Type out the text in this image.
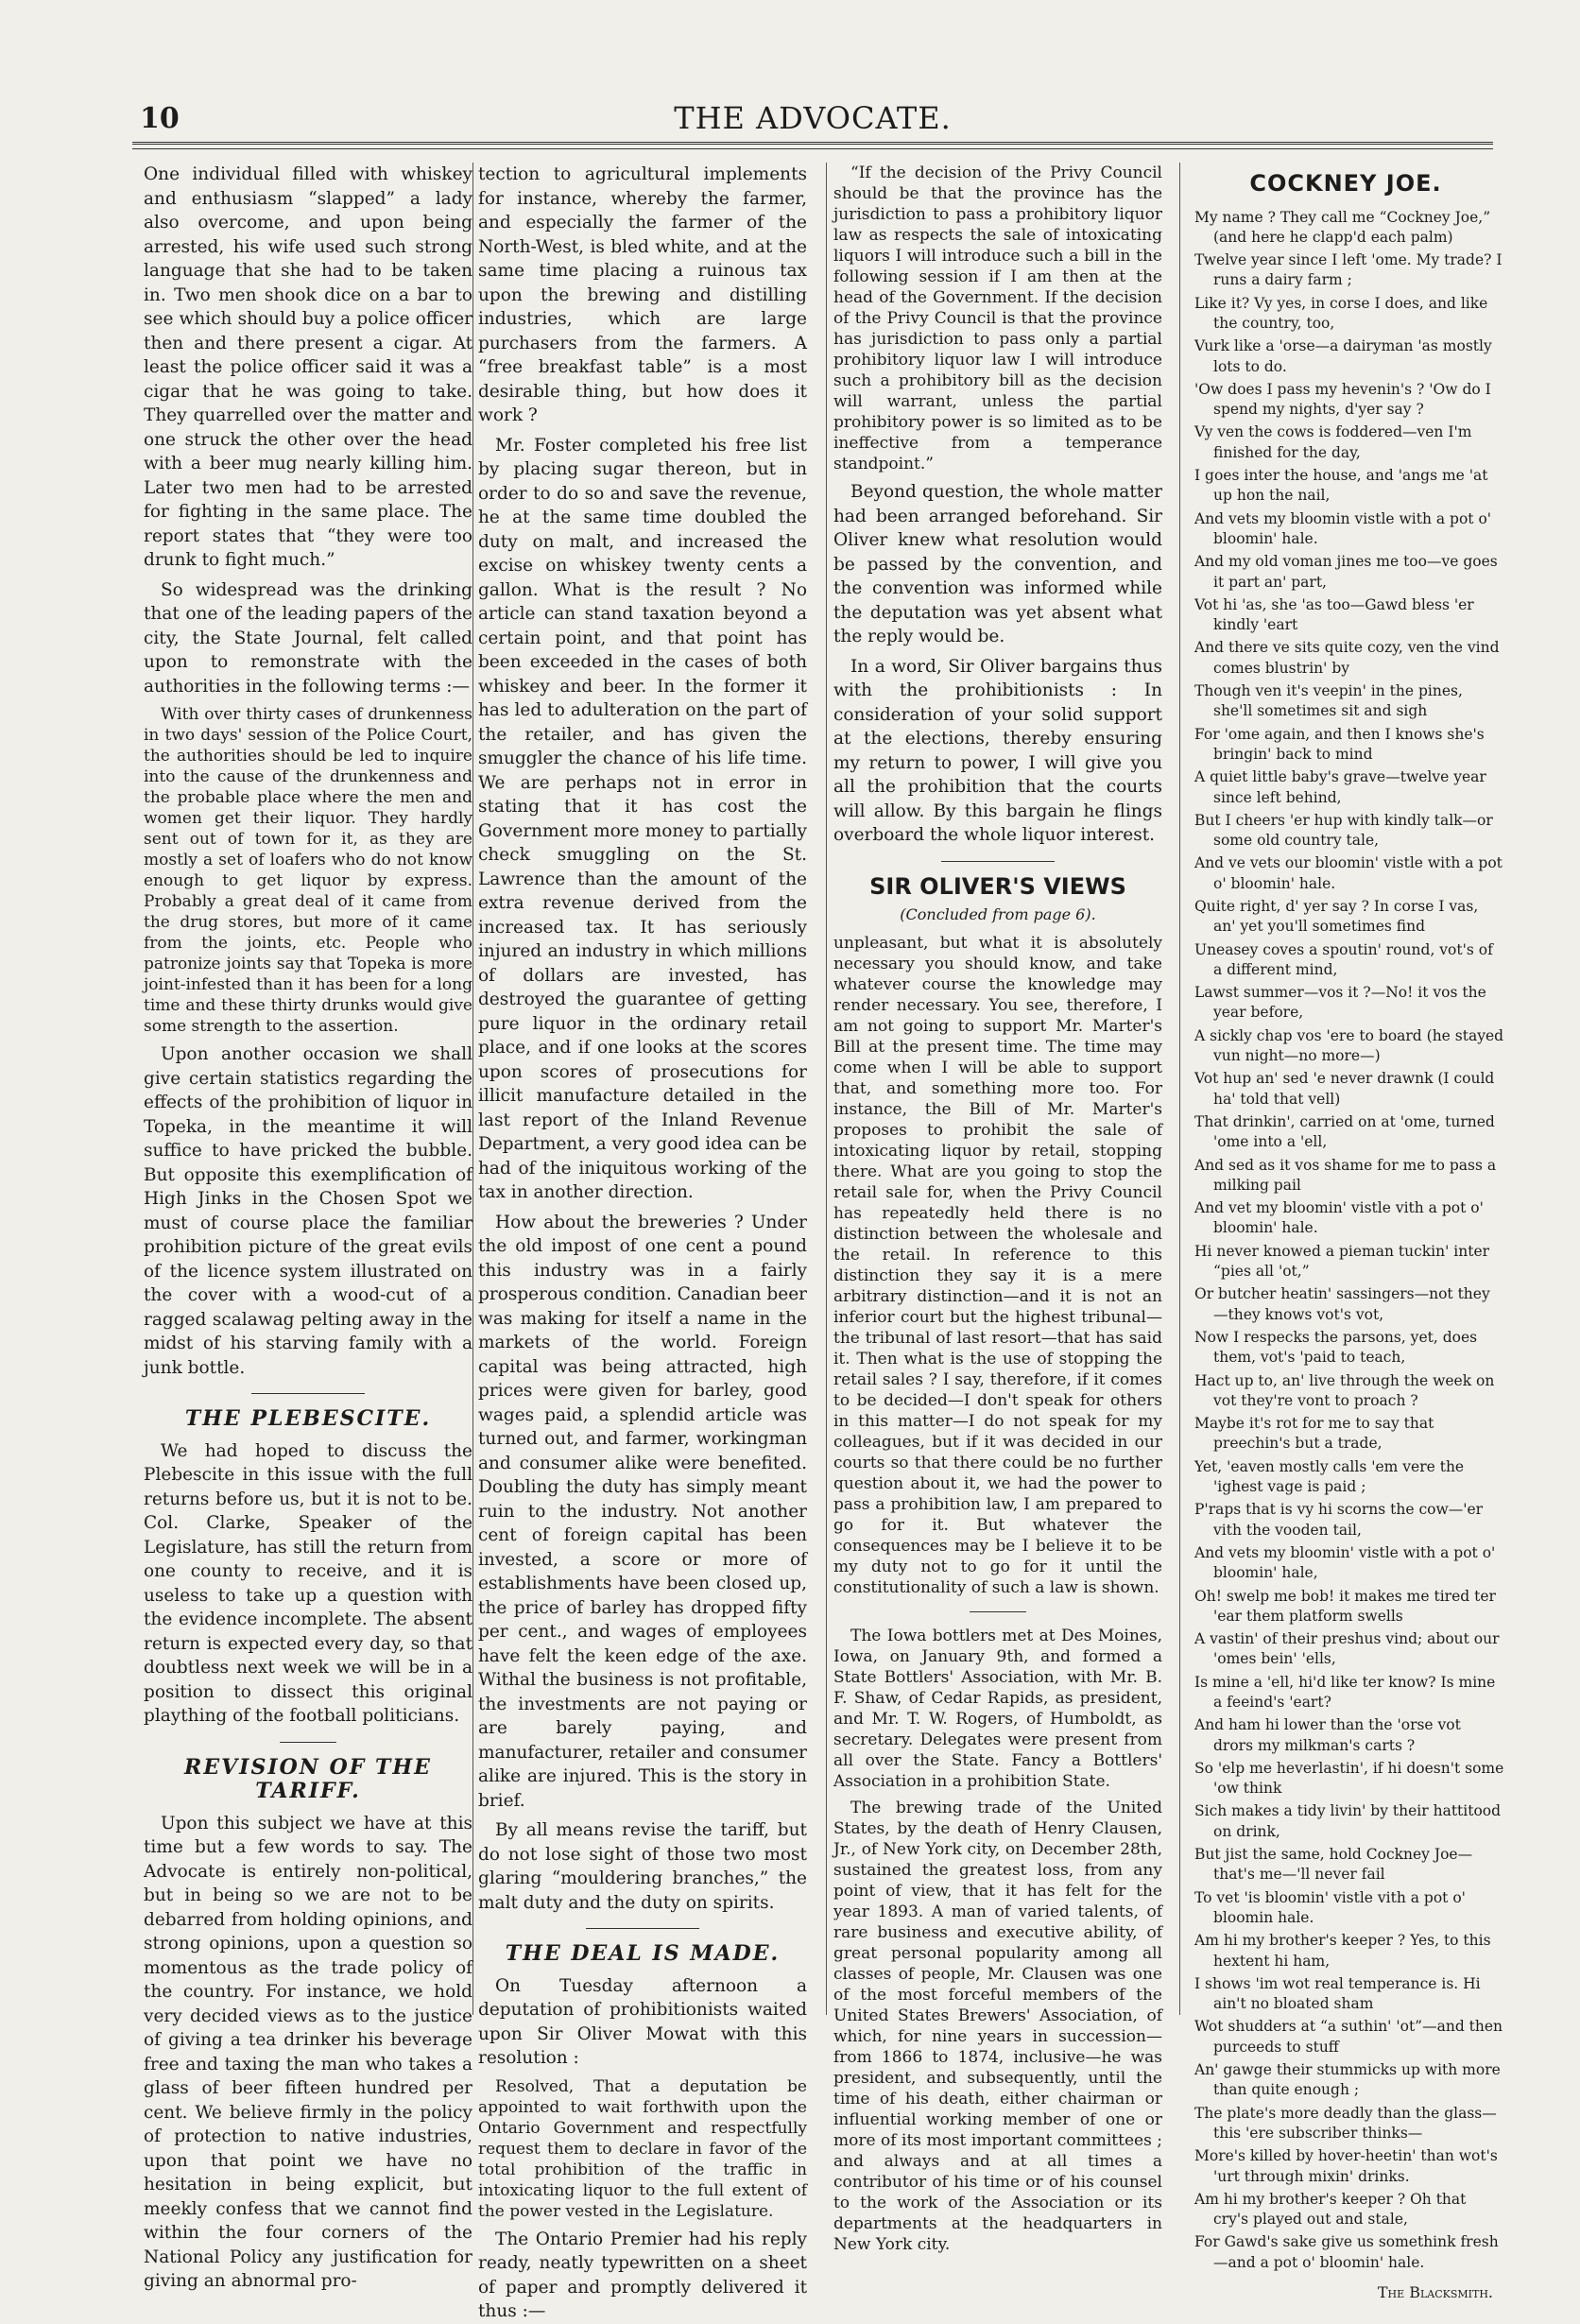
10	THE ADVOCATE.

One individual filled with whiskey and enthusiasm “slapped” a lady also overcome, and upon being arrested, his wife used such strong language that she had to be taken in. Two men shook dice on a bar to see which should buy a police officer then and there present a cigar. At least the police officer said it was a cigar that he was going to take. They quarrelled over the matter and one struck the other over the head with a beer mug nearly killing him. Later two men had to be arrested for fighting in the same place. The report states that “they were too drunk to fight much.”

So widespread was the drinking that one of the leading papers of the city, the State Journal, felt called upon to remonstrate with the authorities in the following terms :—

With over thirty cases of drunkenness in two days' session of the Police Court, the authorities should be led to inquire into the cause of the drunkenness and the probable place where the men and women get their liquor. They hardly sent out of town for it, as they are mostly a set of loafers who do not know enough to get liquor by express. Probably a great deal of it came from the drug stores, but more of it came from the joints, etc. People who patronize joints say that Topeka is more joint-infested than it has been for a long time and these thirty drunks would give some strength to the assertion.

Upon another occasion we shall give certain statistics regarding the effects of the prohibition of liquor in Topeka, in the meantime it will suffice to have pricked the bubble. But opposite this exemplification of High Jinks in the Chosen Spot we must of course place the familiar prohibition picture of the great evils of the licence system illustrated on the cover with a wood-cut of a ragged scalawag pelting away in the midst of his starving family with a junk bottle.

THE PLEBESCITE.

We had hoped to discuss the Plebescite in this issue with the full returns before us, but it is not to be. Col. Clarke, Speaker of the Legislature, has still the return from one county to receive, and it is useless to take up a question with the evidence incomplete. The absent return is expected every day, so that doubtless next week we will be in a position to dissect this original plaything of the football politicians.

REVISION OF THE TARIFF.

Upon this subject we have at this time but a few words to say. The Advocate is entirely non-political, but in being so we are not to be debarred from holding opinions, and strong opinions, upon a question so momentous as the trade policy of the country. For instance, we hold very decided views as to the justice of giving a tea drinker his beverage free and taxing the man who takes a glass of beer fifteen hundred per cent. We believe firmly in the policy of protection to native industries, upon that point we have no hesitation in being explicit, but meekly confess that we cannot find within the four corners of the National Policy any justification for giving an abnormal pro-

tection to agricultural implements for instance, whereby the farmer, and especially the farmer of the North-West, is bled white, and at the same time placing a ruinous tax upon the brewing and distilling industries, which are large purchasers from the farmers. A “free breakfast table” is a most desirable thing, but how does it work ?

Mr. Foster completed his free list by placing sugar thereon, but in order to do so and save the revenue, he at the same time doubled the duty on malt, and increased the excise on whiskey twenty cents a gallon. What is the result ? No article can stand taxation beyond a certain point, and that point has been exceeded in the cases of both whiskey and beer. In the former it has led to adulteration on the part of the retailer, and has given the smuggler the chance of his life time. We are perhaps not in error in stating that it has cost the Government more money to partially check smuggling on the St. Lawrence than the amount of the extra revenue derived from the increased tax. It has seriously injured an industry in which millions of dollars are invested, has destroyed the guarantee of getting pure liquor in the ordinary retail place, and if one looks at the scores upon scores of prosecutions for illicit manufacture detailed in the last report of the Inland Revenue Department, a very good idea can be had of the iniquitous working of the tax in another direction.

How about the breweries ? Under the old impost of one cent a pound this industry was in a fairly prosperous condition. Canadian beer was making for itself a name in the markets of the world. Foreign capital was being attracted, high prices were given for barley, good wages paid, a splendid article was turned out, and farmer, workingman and consumer alike were benefited. Doubling the duty has simply meant ruin to the industry. Not another cent of foreign capital has been invested, a score or more of establishments have been closed up, the price of barley has dropped fifty per cent., and wages of employees have felt the keen edge of the axe. Withal the business is not profitable, the investments are not paying or are barely paying, and manufacturer, retailer and consumer alike are injured. This is the story in brief.

By all means revise the tariff, but do not lose sight of those two most glaring “mouldering branches,” the malt duty and the duty on spirits.

THE DEAL IS MADE.

On Tuesday afternoon a deputation of prohibitionists waited upon Sir Oliver Mowat with this resolution :

Resolved, That a deputation be appointed to wait forthwith upon the Ontario Government and respectfully request them to declare in favor of the total prohibition of the traffic in intoxicating liquor to the full extent of the power vested in the Legislature.

The Ontario Premier had his reply ready, neatly typewritten on a sheet of paper and promptly delivered it thus :—

“If the decision of the Privy Council should be that the province has the jurisdiction to pass a prohibitory liquor law as respects the sale of intoxicating liquors I will introduce such a bill in the following session if I am then at the head of the Government. If the decision of the Privy Council is that the province has jurisdiction to pass only a partial prohibitory liquor law I will introduce such a prohibitory bill as the decision will warrant, unless the partial prohibitory power is so limited as to be ineffective from a temperance standpoint.”

Beyond question, the whole matter had been arranged beforehand. Sir Oliver knew what resolution would be passed by the convention, and the convention was informed while the deputation was yet absent what the reply would be.

In a word, Sir Oliver bargains thus with the prohibitionists : In consideration of your solid support at the elections, thereby ensuring my return to power, I will give you all the prohibition that the courts will allow. By this bargain he flings overboard the whole liquor interest.

SIR OLIVER'S VIEWS
(Concluded from page 6).

unpleasant, but what it is absolutely necessary you should know, and take whatever course the knowledge may render necessary. You see, therefore, I am not going to support Mr. Marter's Bill at the present time. The time may come when I will be able to support that, and something more too. For instance, the Bill of Mr. Marter's proposes to prohibit the sale of intoxicating liquor by retail, stopping there. What are you going to stop the retail sale for, when the Privy Council has repeatedly held there is no distinction between the wholesale and the retail. In reference to this distinction they say it is a mere arbitrary distinction—and it is not an inferior court but the highest tribunal—the tribunal of last resort—that has said it. Then what is the use of stopping the retail sales ? I say, therefore, if it comes to be decided—I don't speak for others in this matter—I do not speak for my colleagues, but if it was decided in our courts so that there could be no further question about it, we had the power to pass a prohibition law, I am prepared to go for it. But whatever the consequences may be I believe it to be my duty not to go for it until the constitutionality of such a law is shown.

The Iowa bottlers met at Des Moines, Iowa, on January 9th, and formed a State Bottlers' Association, with Mr. B. F. Shaw, of Cedar Rapids, as president, and Mr. T. W. Rogers, of Humboldt, as secretary. Delegates were present from all over the State. Fancy a Bottlers' Association in a prohibition State.

The brewing trade of the United States, by the death of Henry Clausen, Jr., of New York city, on December 28th, sustained the greatest loss, from any point of view, that it has felt for the year 1893. A man of varied talents, of rare business and executive ability, of great personal popularity among all classes of people, Mr. Clausen was one of the most forceful members of the United States Brewers' Association, of which, for nine years in succession—from 1866 to 1874, inclusive—he was president, and subsequently, until the time of his death, either chairman or influential working member of one or more of its most important committees ; and always and at all times a contributor of his time or of his counsel to the work of the Association or its departments at the headquarters in New York city.

COCKNEY JOE.
My name ? They call me “Cockney Joe,” (and here he clapp'd each palm)
Twelve year since I left 'ome. My trade? I runs a dairy farm ;
Like it? Vy yes, in corse I does, and like the country, too,
Vurk like a 'orse—a dairyman 'as mostly lots to do.
'Ow does I pass my hevenin's ? 'Ow do I spend my nights, d'yer say ?
Vy ven the cows is foddered—ven I'm finished for the day,
I goes inter the house, and 'angs me 'at up hon the nail,
And vets my bloomin vistle with a pot o' bloomin' hale.
And my old voman jines me too—ve goes it part an' part,
Vot hi 'as, she 'as too—Gawd bless 'er kindly 'eart
And there ve sits quite cozy, ven the vind comes blustrin' by
Though ven it's veepin' in the pines, she'll sometimes sit and sigh
For 'ome again, and then I knows she's bringin' back to mind
A quiet little baby's grave—twelve year since left behind,
But I cheers 'er hup with kindly talk—or some old country tale,
And ve vets our bloomin' vistle with a pot o' bloomin' hale.
Quite right, d' yer say ? In corse I vas, an' yet you'll sometimes find
Uneasey coves a spoutin' round, vot's of a different mind,
Lawst summer—vos it ?—No! it vos the year before,
A sickly chap vos 'ere to board (he stayed vun night—no more—)
Vot hup an' sed 'e never drawnk (I could ha' told that vell)
That drinkin', carried on at 'ome, turned 'ome into a 'ell,
And sed as it vos shame for me to pass a milking pail
And vet my bloomin' vistle vith a pot o' bloomin' hale.
Hi never knowed a pieman tuckin' inter “pies all 'ot,”
Or butcher heatin' sassingers—not they—they knows vot's vot,
Now I respecks the parsons, yet, does them, vot's 'paid to teach,
Hact up to, an' live through the week on vot they're vont to proach ?
Maybe it's rot for me to say that preechin's but a trade,
Yet, 'eaven mostly calls 'em vere the 'ighest vage is paid ;
P'raps that is vy hi scorns the cow—'er vith the vooden tail,
And vets my bloomin' vistle with a pot o' bloomin' hale,
Oh! swelp me bob! it makes me tired ter 'ear them platform swells
A vastin' of their preshus vind; about our 'omes bein' 'ells,
Is mine a 'ell, hi'd like ter know? Is mine a feeind's 'eart?
And ham hi lower than the 'orse vot drors my milkman's carts ?
So 'elp me heverlastin', if hi doesn't some 'ow think
Sich makes a tidy livin' by their hattitood on drink,
But jist the same, hold Cockney Joe—that's me—'ll never fail
To vet 'is bloomin' vistle vith a pot o' bloomin hale.
Am hi my brother's keeper ? Yes, to this hextent hi ham,
I shows 'im wot real temperance is. Hi ain't no bloated sham
Wot shudders at “a suthin' 'ot”—and then purceeds to stuff
An' gawge their stummicks up with more than quite enough ;
The plate's more deadly than the glass—this 'ere subscriber thinks—
More's killed by hover-heetin' than wot's 'urt through mixin' drinks.
Am hi my brother's keeper ? Oh that cry's played out and stale,
For Gawd's sake give us somethink fresh—and a pot o' bloomin' hale.
The Blacksmith.
